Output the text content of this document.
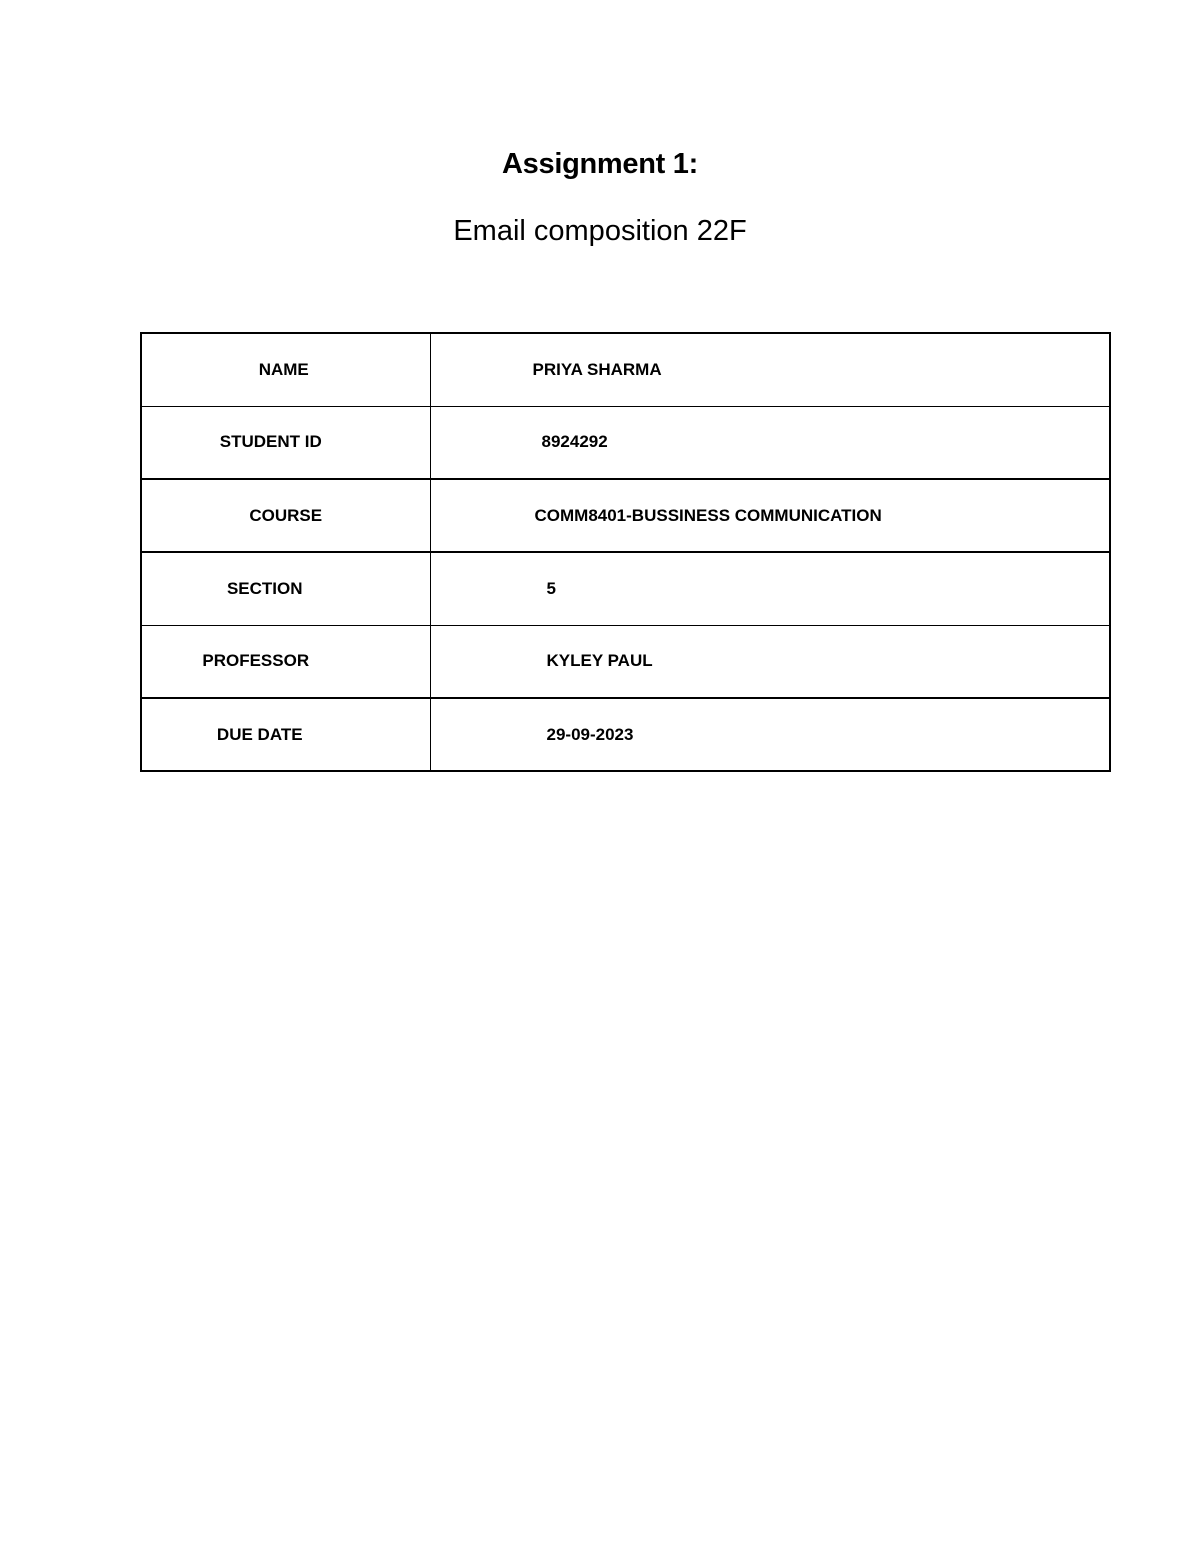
Assignment 1:
Email composition 22F
NAME	PRIYA SHARMA
STUDENT ID	8924292
COURSE	COMM8401-BUSSINESS COMMUNICATION
SECTION	5
PROFESSOR	KYLEY PAUL
DUE DATE	29-09-2023
